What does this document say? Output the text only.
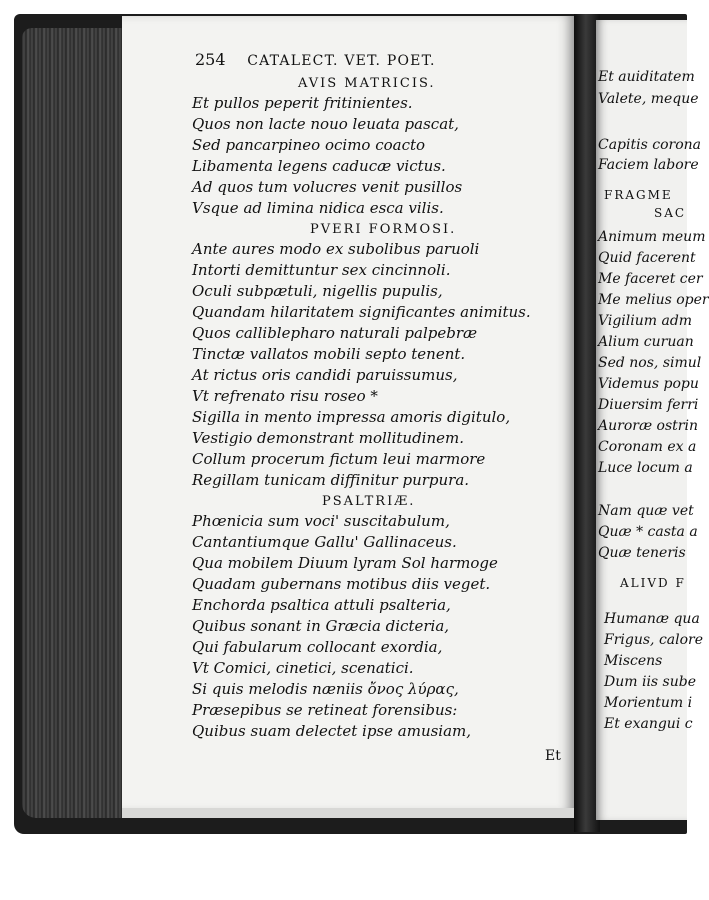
254 CATALECT. VET. POET.
AVIS MATRICIS.
Et pullos peperit fritinientes.
Quos non lacte nouo leuata pascat,
Sed pancarpineo ocimo coacto
Libamenta legens caducæ victus.
Ad quos tum volucres venit pusillos
Vsque ad limina nidica esca vilis.
PVERI FORMOSI.
Ante aures modo ex subolibus paruoli
Intorti demittuntur sex cincinnoli.
Oculi subpætuli, nigellis pupulis,
Quandam hilaritatem significantes animitus.
Quos calliblepharo naturali palpebræ
Tinctæ vallatos mobili septo tenent.
At rictus oris candidi paruissumus,
Vt refrenato risu roseo *
Sigilla in mento impressa amoris digitulo,
Vestigio demonstrant mollitudinem.
Collum procerum fictum leui marmore
Regillam tunicam diffinitur purpura.
PSALTRIÆ.
Phœnicia sum voci' suscitabulum,
Cantantiumque Gallu' Gallinaceus.
Qua mobilem Diuum lyram Sol harmoge
Quadam gubernans motibus diis veget.
Enchorda psaltica attuli psalteria,
Quibus sonant in Græcia dicteria,
Qui fabularum collocant exordia,
Vt Comici, cinetici, scenatici.
Si quis melodis næniis ὄνος λύρας,
Præsepibus se retineat forensibus:
Quibus suam delectet ipse amusiam,
Et
Et auiditatem
Valete, meque
Capitis corona
Faciem labore
FRAGME
SAC
Animum meum
Quid facerent
Me faceret cer
Me melius oper
Vigilium adm
Alium curuan
Sed nos, simul
Videmus popu
Diuersim ferri
Auroræ ostrin
Coronam ex a
Luce locum a
Nam quæ vet
Quæ * casta a
Quæ teneris
ALIVD F
Humanæ qua
Frigus, calore
Miscens
Dum iis sube
Morientum i
Et exangui c
